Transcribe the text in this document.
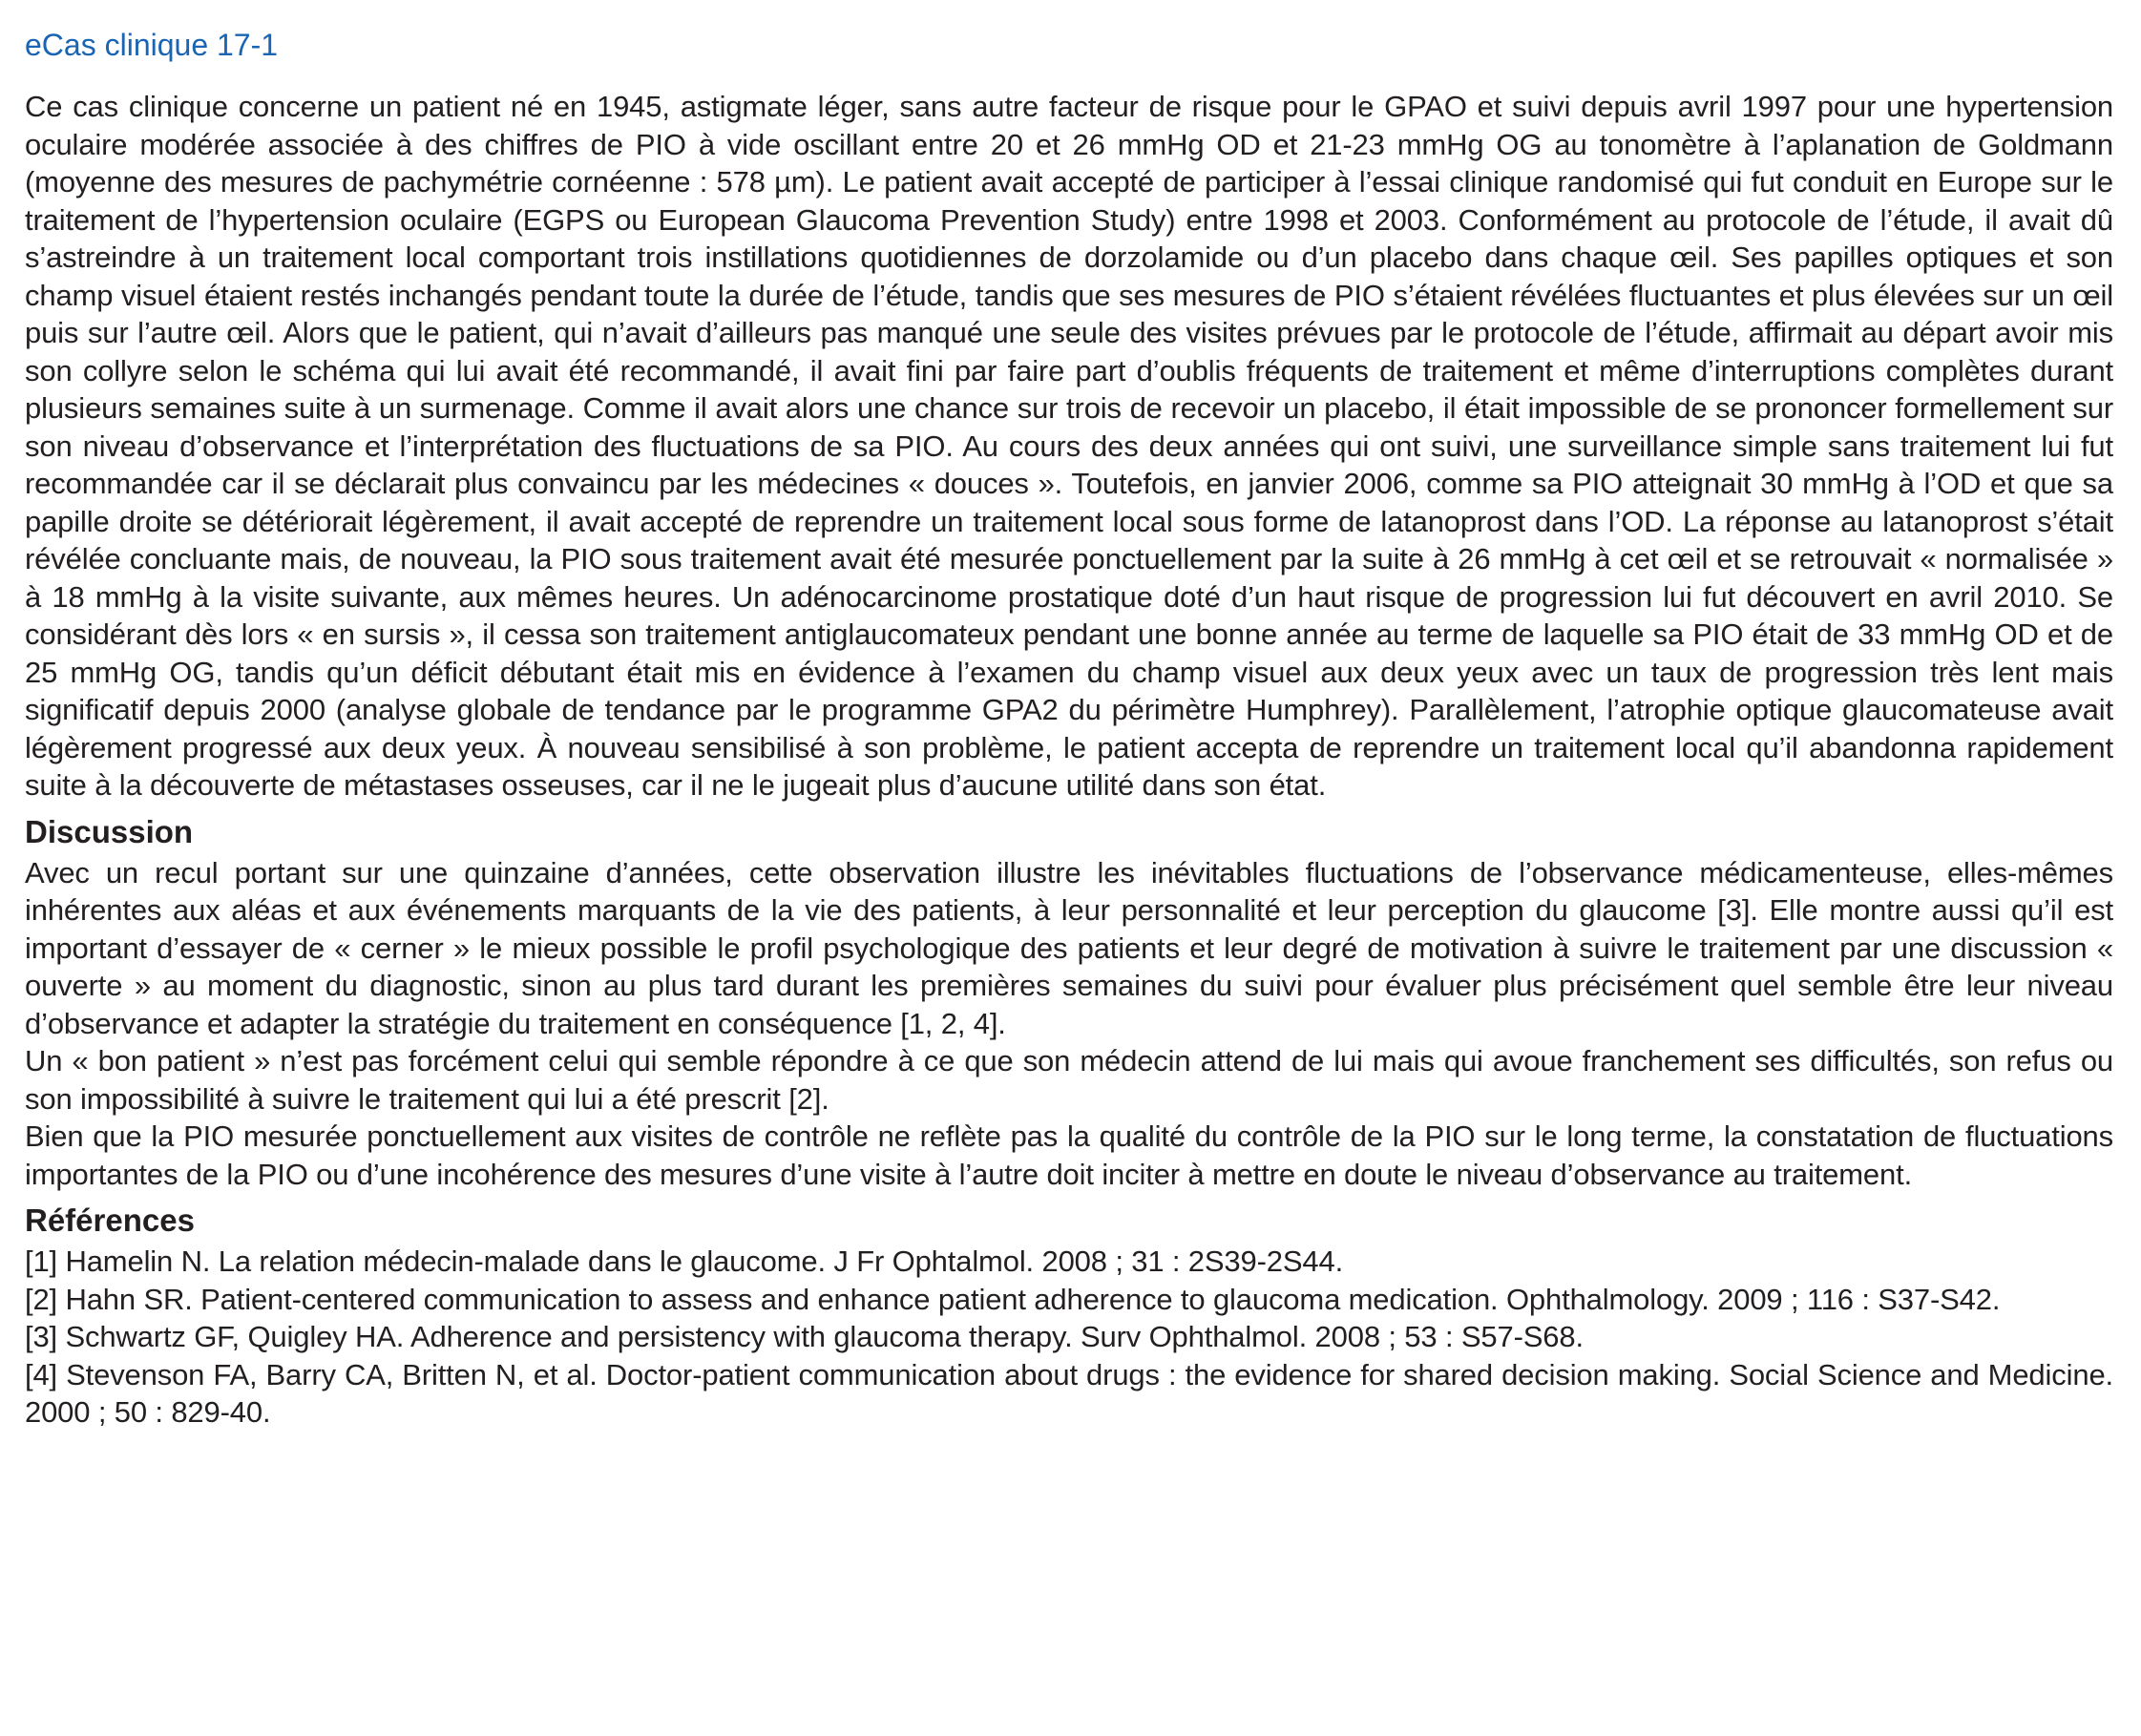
eCas clinique 17-1

Ce cas clinique concerne un patient né en 1945, astigmate léger, sans autre facteur de risque pour le GPAO et suivi depuis avril 1997 pour une hypertension oculaire modérée associée à des chiffres de PIO à vide oscillant entre 20 et 26 mmHg OD et 21-23 mmHg OG au tonomètre à l’aplanation de Goldmann (moyenne des mesures de pachymétrie cornéenne : 578 µm). Le patient avait accepté de participer à l’essai clinique randomisé qui fut conduit en Europe sur le traitement de l’hypertension oculaire (EGPS ou European Glaucoma Prevention Study) entre 1998 et 2003. Conformément au protocole de l’étude, il avait dû s’astreindre à un traitement local comportant trois instillations quotidiennes de dorzolamide ou d’un placebo dans chaque œil. Ses papilles optiques et son champ visuel étaient restés inchangés pendant toute la durée de l’étude, tandis que ses mesures de PIO s’étaient révélées fluctuantes et plus élevées sur un œil puis sur l’autre œil. Alors que le patient, qui n’avait d’ailleurs pas manqué une seule des visites prévues par le protocole de l’étude, affirmait au départ avoir mis son collyre selon le schéma qui lui avait été recommandé, il avait fini par faire part d’oublis fréquents de traitement et même d’interruptions complètes durant plusieurs semaines suite à un surmenage. Comme il avait alors une chance sur trois de recevoir un placebo, il était impossible de se prononcer formellement sur son niveau d’observance et l’interprétation des fluctuations de sa PIO. Au cours des deux années qui ont suivi, une surveillance simple sans traitement lui fut recommandée car il se déclarait plus convaincu par les médecines « douces ». Toutefois, en janvier 2006, comme sa PIO atteignait 30 mmHg à l’OD et que sa papille droite se détériorait légèrement, il avait accepté de reprendre un traitement local sous forme de latanoprost dans l’OD. La réponse au latanoprost s’était révélée concluante mais, de nouveau, la PIO sous traitement avait été mesurée ponctuellement par la suite à 26 mmHg à cet œil et se retrouvait « normalisée » à 18 mmHg à la visite suivante, aux mêmes heures. Un adénocarcinome prostatique doté d’un haut risque de progression lui fut découvert en avril 2010. Se considérant dès lors « en sursis », il cessa son traitement antiglaucomateux pendant une bonne année au terme de laquelle sa PIO était de 33 mmHg OD et de 25 mmHg OG, tandis qu’un déficit débutant était mis en évidence à l’examen du champ visuel aux deux yeux avec un taux de progression très lent mais significatif depuis 2000 (analyse globale de tendance par le programme GPA2 du périmètre Humphrey). Parallèlement, l’atrophie optique glaucomateuse avait légèrement progressé aux deux yeux. À nouveau sensibilisé à son problème, le patient accepta de reprendre un traitement local qu’il abandonna rapidement suite à la découverte de métastases osseuses, car il ne le jugeait plus d’aucune utilité dans son état.

Discussion

Avec un recul portant sur une quinzaine d’années, cette observation illustre les inévitables fluctuations de l’observance médicamenteuse, elles-mêmes inhérentes aux aléas et aux événements marquants de la vie des patients, à leur personnalité et leur perception du glaucome [3]. Elle montre aussi qu’il est important d’essayer de « cerner » le mieux possible le profil psychologique des patients et leur degré de motivation à suivre le traitement par une discussion « ouverte » au moment du diagnostic, sinon au plus tard durant les premières semaines du suivi pour évaluer plus précisément quel semble être leur niveau d’observance et adapter la stratégie du traitement en conséquence [1, 2, 4].

Un « bon patient » n’est pas forcément celui qui semble répondre à ce que son médecin attend de lui mais qui avoue franchement ses difficultés, son refus ou son impossibilité à suivre le traitement qui lui a été prescrit [2].

Bien que la PIO mesurée ponctuellement aux visites de contrôle ne reflète pas la qualité du contrôle de la PIO sur le long terme, la constatation de fluctuations importantes de la PIO ou d’une incohérence des mesures d’une visite à l’autre doit inciter à mettre en doute le niveau d’observance au traitement.

Références

[1] Hamelin N. La relation médecin-malade dans le glaucome. J Fr Ophtalmol. 2008 ; 31 : 2S39-2S44.

[2] Hahn SR. Patient-centered communication to assess and enhance patient adherence to glaucoma medication. Ophthalmology. 2009 ; 116 : S37-S42.

[3] Schwartz GF, Quigley HA. Adherence and persistency with glaucoma therapy. Surv Ophthalmol. 2008 ; 53 : S57-S68.

[4] Stevenson FA, Barry CA, Britten N, et al. Doctor-patient communication about drugs : the evidence for shared decision making. Social Science and Medicine. 2000 ; 50 : 829-40.
